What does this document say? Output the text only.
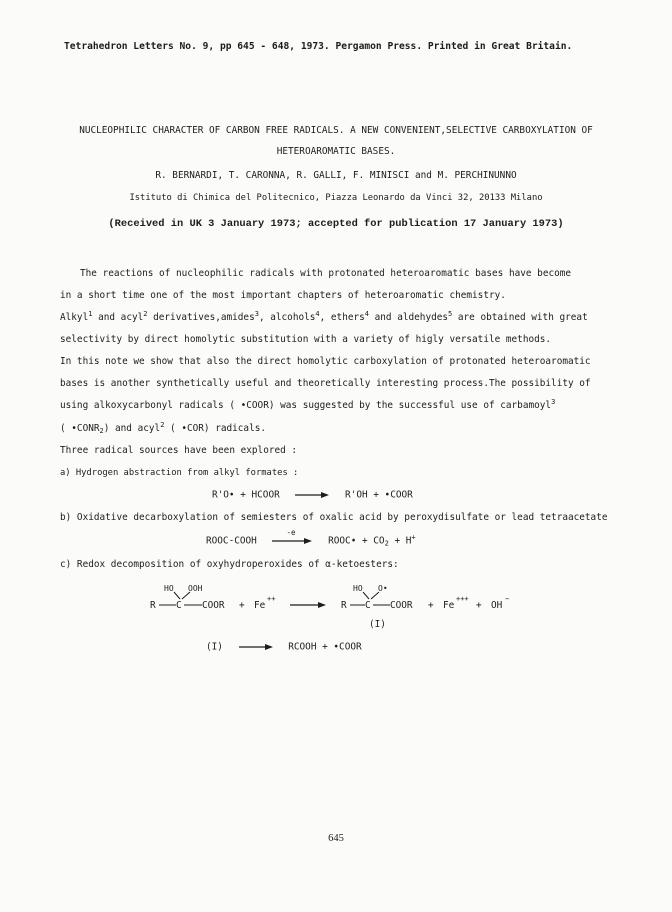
Tetrahedron Letters No. 9, pp 645 - 648, 1973. Pergamon Press. Printed in Great Britain.
NUCLEOPHILIC CHARACTER OF CARBON FREE RADICALS. A NEW CONVENIENT,SELECTIVE CARBOXYLATION OF
HETEROAROMATIC BASES.
R. BERNARDI, T. CARONNA, R. GALLI, F. MINISCI and M. PERCHINUNNO
Istituto di Chimica del Politecnico, Piazza Leonardo da Vinci 32, 20133 Milano
(Received in UK 3 January 1973; accepted for publication 17 January 1973)
The reactions of nucleophilic radicals with protonated heteroaromatic bases have become
in a short time one of the most important chapters of heteroaromatic chemistry.
Alkyl$^1$ and acyl$^2$ derivatives,amides$^3$, alcohols$^4$, ethers$^4$ and aldehydes$^5$ are obtained with great
selectivity by direct homolytic substitution with a variety of higly versatile methods.
In this note we show that also the direct homolytic carboxylation of protonated heteroaromatic
bases is another synthetically useful and theoretically interesting process.The possibility of
using alkoxycarbonyl radicals ( •COOR) was suggested by the successful use of carbamoyl$^3$
( $•CONR_2$) and acyl$^2$ ( •COR) radicals.
Three radical sources have been explored :
a) Hydrogen abstraction from alkyl formates :
R'O• + HCOOR	R'OH + •COOR
b) Oxidative decarboxylation of semiesters of oxalic acid by peroxydisulfate or lead tetraacetate
ROOC-COOH
-e
ROOC• + $CO_2 + H^+$
c) Redox decomposition of oxyhydroperoxides of α-ketoesters:
R C
HO OOH
COOR + Fe
++
R C
HO O•
COOR + Fe
+++
+ OH
−
(I)
(I)	RCOOH + •COOR
645
